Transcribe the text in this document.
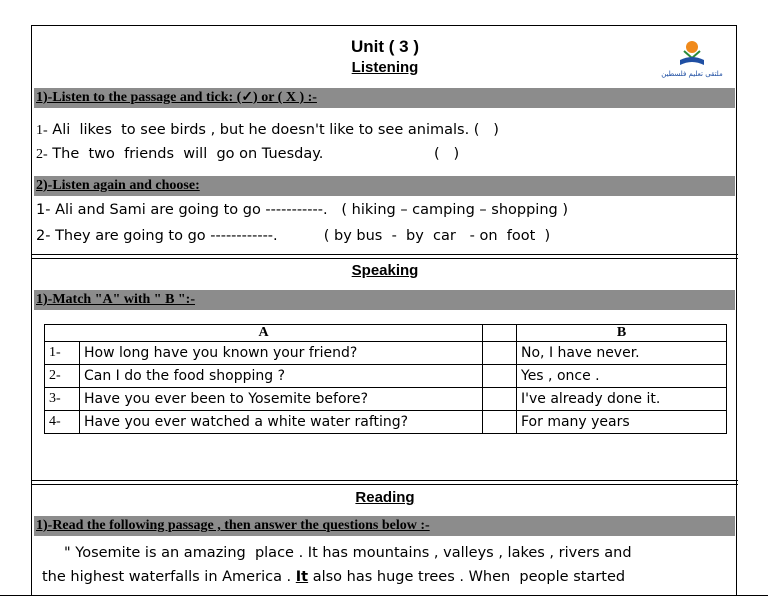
Unit ( 3 )
Listening	ملتقى تعليم فلسطين
1)-Listen to the passage and tick: (✓) or ( X ) :-
1- Ali  likes  to see birds , but he doesn't like to see animals. (   )
2- The  two  friends  will  go on Tuesday.                        (   )
2)-Listen again and choose:
1- Ali and Sami are going to go -----------.   ( hiking – camping – shopping )
2- They are going to go ------------.          ( by bus  -  by  car   - on  foot  )
Speaking
1)-Match "A" with " B ":-
A			B
1-	How long have you known your friend?		No, I have never.
2-	Can I do the food shopping ?		Yes , once .
3-	Have you ever been to Yosemite before?		I've already done it.
4-	Have you ever watched a white water rafting?		For many years
Reading
1)-Read the following passage , then answer the questions below :-
" Yosemite is an amazing  place . It has mountains , valleys , lakes , rivers and
the highest waterfalls in America . It also has huge trees . When  people started
